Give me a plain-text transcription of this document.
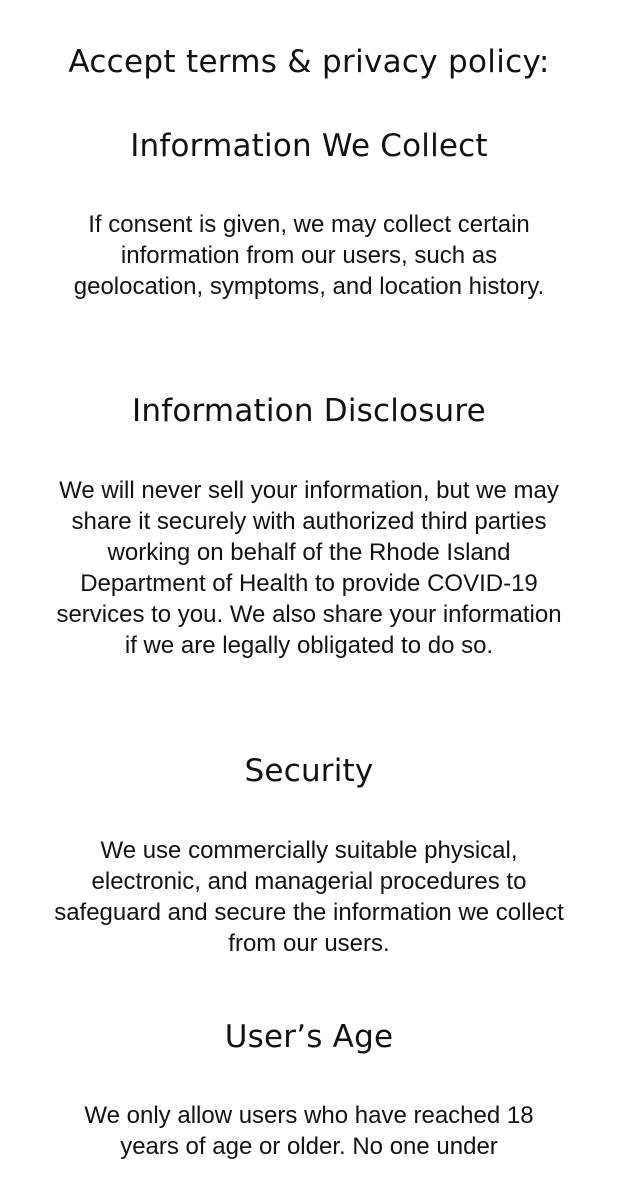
Accept terms & privacy policy:
Information We Collect
If consent is given, we may collect certain information from our users, such as geolocation, symptoms, and location history.
Information Disclosure
We will never sell your information, but we may share it securely with authorized third parties working on behalf of the Rhode Island Department of Health to provide COVID-19 services to you. We also share your information if we are legally obligated to do so.
Security
We use commercially suitable physical, electronic, and managerial procedures to safeguard and secure the information we collect from our users.
User’s Age
We only allow users who have reached 18 years of age or older. No one under
